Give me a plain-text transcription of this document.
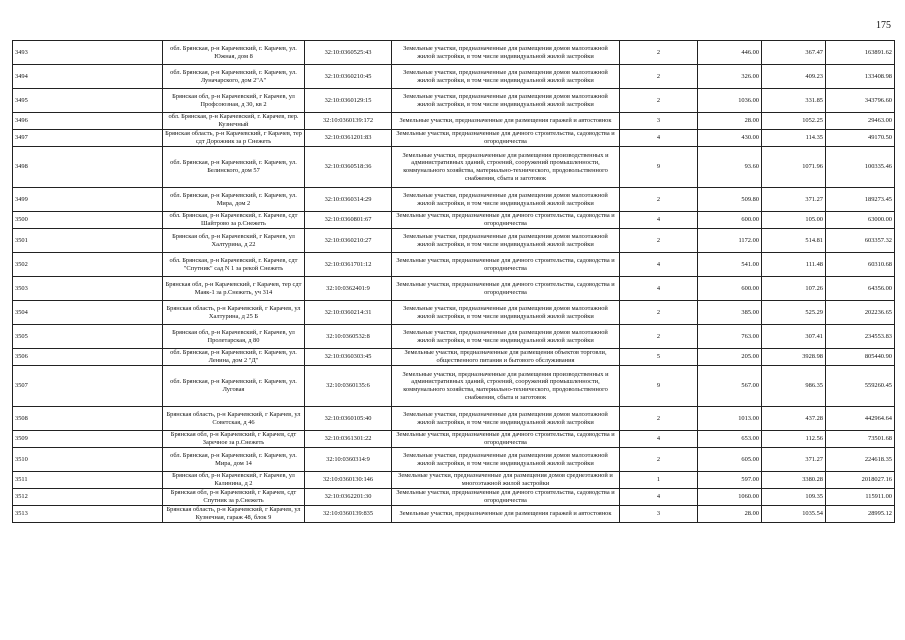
175
3493	обл. Брянская, р-н Карачевский, г. Карачев, ул. Южная, дом 8	32:10:0360525:43	Земельные участки, предназначенные для размещения домов малоэтажной жилой застройки, в том числе индивидуальной жилой застройки	2	446.00	367.47	163891.62
3494	обл. Брянская, р-н Карачевский, г. Карачев, ул. Луначарского, дом 2"А"	32:10:0360210:45	Земельные участки, предназначенные для размещения домов малоэтажной жилой застройки, в том числе индивидуальной жилой застройки	2	326.00	409.23	133408.98
3495	Брянская обл, р-н Карачевский, г Карачев, ул Профсоюзная, д 30, кв 2	32:10:0360129:15	Земельные участки, предназначенные для размещения домов малоэтажной жилой застройки, в том числе индивидуальной жилой застройки	2	1036.00	331.85	343796.60
3496	обл. Брянская, р-н Карачевский, г. Карачев, пер. Кузнечный	32:10:0360139:172	Земельные участки, предназначенные для размещения гаражей и автостоянок	3	28.00	1052.25	29463.00
3497	Брянская область, р-н Карачевский, г Карачев, тер сдт Дорожник за р Снежеть	32:10:0361201:83	Земельные участки, предназначенные для дачного строительства, садоводства и огородничества	4	430.00	114.35	49170.50
3498	обл. Брянская, р-н Карачевский, г. Карачев, ул. Белинского, дом 57	32:10:0360518:36	Земельные участки, предназначенные для размещения производственных и административных зданий, строений, сооружений промышленности, коммунального хозяйства, материально-технического, продовольственного снабжения, сбыта и заготовок	9	93.60	1071.96	100335.46
3499	обл. Брянская, р-н Карачевский, г. Карачев, ул. Мира, дом 2	32:10:0360314:29	Земельные участки, предназначенные для размещения домов малоэтажной жилой застройки, в том числе индивидуальной жилой застройки	2	509.80	371.27	189273.45
3500	обл. Брянская, р-н Карачевский, г. Карачев, сдт Шайтрово за р.Снежеть	32:10:0360801:67	Земельные участки, предназначенные для дачного строительства, садоводства и огородничества	4	600.00	105.00	63000.00
3501	Брянская обл, р-н Карачевский, г Карачев, ул Халтурина, д 22	32:10:0360210:27	Земельные участки, предназначенные для размещения домов малоэтажной жилой застройки, в том числе индивидуальной жилой застройки	2	1172.00	514.81	603357.32
3502	обл. Брянская, р-н Карачевский, г. Карачев, сдт "Спутник" сад N 1 за рекой Снежеть	32:10:0361701:12	Земельные участки, предназначенные для дачного строительства, садоводства и огородничества	4	541.00	111.48	60310.68
3503	Брянская обл, р-н Карачевский, г Карачев, тер сдт Маяк-1 за р.Снежеть, уч 314	32:10:0362401:9	Земельные участки, предназначенные для дачного строительства, садоводства и огородничества	4	600.00	107.26	64356.00
3504	Брянская область, р-н Карачевский, г Карачев, ул Халтурина, д 25 Б	32:10:0360214:31	Земельные участки, предназначенные для размещения домов малоэтажной жилой застройки, в том числе индивидуальной жилой застройки	2	385.00	525.29	202236.65
3505	Брянская обл, р-н Карачевский, г Карачев, ул Пролетарская, д 80	32:10:0360532:8	Земельные участки, предназначенные для размещения домов малоэтажной жилой застройки, в том числе индивидуальной жилой застройки	2	763.00	307.41	234553.83
3506	обл. Брянская, р-н Карачевский, г. Карачев, ул. Ленина, дом 2 "Д"	32:10:0360303:45	Земельные участки, предназначенные для размещения объектов торговли, общественного питания и бытового обслуживания	5	205.00	3928.98	805440.90
3507	обл. Брянская, р-н Карачевский, г. Карачев, ул. Луговая	32:10:0360135:6	Земельные участки, предназначенные для размещения производственных и административных зданий, строений, сооружений промышленности, коммунального хозяйства, материально-технического, продовольственного снабжения, сбыта и заготовок	9	567.00	986.35	559260.45
3508	Брянская область, р-н Карачевский, г Карачев, ул Советская, д 46	32:10:0360105:40	Земельные участки, предназначенные для размещения домов малоэтажной жилой застройки, в том числе индивидуальной жилой застройки	2	1013.00	437.28	442964.64
3509	Брянская обл, р-н Карачевский, г Карачев, сдт Заречное за р.Снежеть	32:10:0361301:22	Земельные участки, предназначенные для дачного строительства, садоводства и огородничества	4	653.00	112.56	73501.68
3510	обл. Брянская, р-н Карачевский, г. Карачев, ул. Мира, дом 14	32:10:0360314:9	Земельные участки, предназначенные для размещения домов малоэтажной жилой застройки, в том числе индивидуальной жилой застройки	2	605.00	371.27	224618.35
3511	Брянская обл, р-н Карачевский, г Карачев, ул Калинина, д 2	32:10:0360130:146	Земельные участки, предназначенные для размещения домов среднеэтажной и многоэтажной жилой застройки	1	597.00	3380.28	2018027.16
3512	Брянская обл, р-н Карачевский, г Карачев, сдт Спутник за р.Снежеть	32:10:0362201:30	Земельные участки, предназначенные для дачного строительства, садоводства и огородничества	4	1060.00	109.35	115911.00
3513	Брянская область, р-н Карачевский, г Карачев, ул Кузнечная, гараж 48, блок 9	32:10:0360139:835	Земельные участки, предназначенные для размещения гаражей и автостоянок	3	28.00	1035.54	28995.12
